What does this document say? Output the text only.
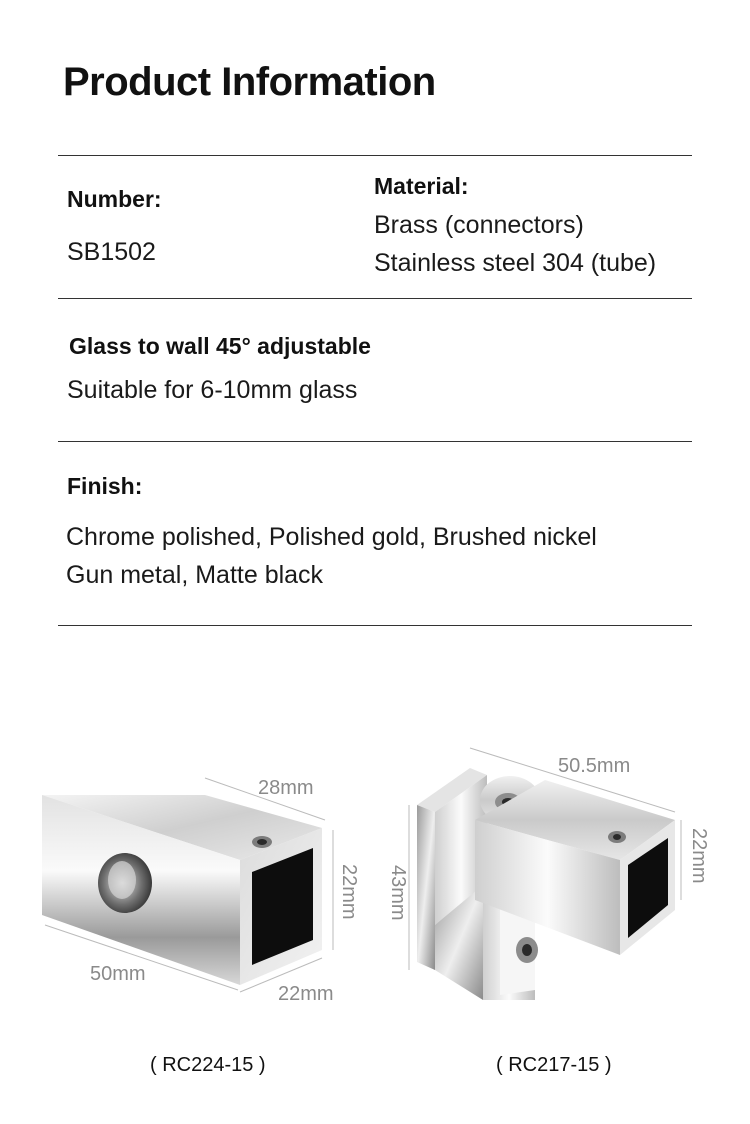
Product Information
Number:
SB1502
Material:
Brass (connectors)
Stainless steel 304 (tube)
Glass to wall 45° adjustable
Suitable for 6-10mm glass
Finish:
Chrome polished, Polished gold, Brushed nickel
Gun metal, Matte black
28mm
22mm
50mm
22mm
50.5mm
22mm
43mm
( RC224-15 )	( RC217-15 )
